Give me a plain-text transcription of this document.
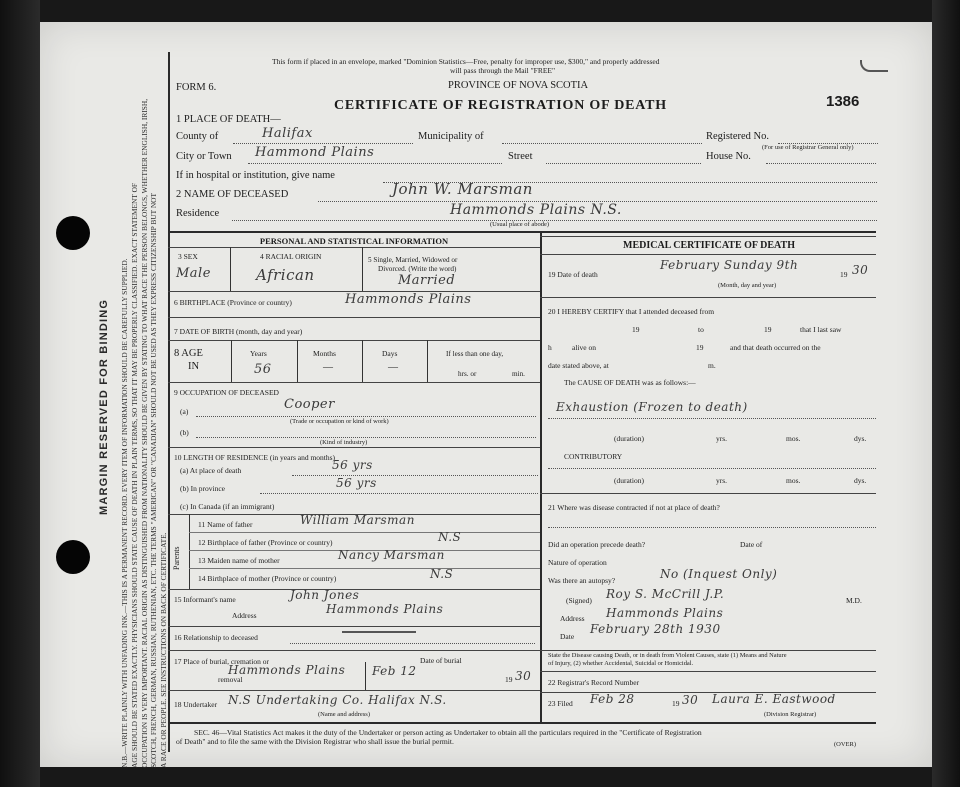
MARGIN RESERVED FOR BINDING N.B.—WRITE PLAINLY WITH UNFADING INK.—THIS IS A PERMANENT RECORD. EVERY ITEM OF INFORMATION SHOULD BE CAREFULLY SUPPLIED. AGE SHOULD BE STATED EXACTLY. PHYSICIANS SHOULD STATE CAUSE OF DEATH IN PLAIN TERMS, SO THAT IT MAY BE PROPERLY CLASSIFIED. EXACT STATEMENT OF OCCUPATION IS VERY IMPORTANT. RACIAL ORIGIN AS DISTINGUISHED FROM NATIONALITY SHOULD BE GIVEN BY STATING TO WHAT RACE THE PERSON BELONGS, WHETHER ENGLISH, IRISH, SCOTCH, FRENCH, GERMAN, RUSSIAN, RUTHENIAN, ETC. THE TERMS "AMERICAN" OR "CANADIAN" SHOULD NOT BE USED AS THEY EXPRESS CITIZENSHIP BUT NOT A RACE OR PEOPLE. SEE INSTRUCTIONS ON BACK OF CERTIFICATE.
This form if placed in an envelope, marked "Dominion Statistics—Free, penalty for improper use, $300," and properly addressed
will pass through the Mail "FREE"
PROVINCE OF NOVA SCOTIA
FORM 6.
CERTIFICATE OF REGISTRATION OF DEATH	1386
1 PLACE OF DEATH—
County of	Halifax	Municipality of	Registered No.
(For use of Registrar General only)
City or Town Hammond Plains	Street	House No.
If in hospital or institution, give name
2 NAME OF DECEASED	John W. Marsman
Residence	Hammonds Plains N.S.
(Usual place of abode)
PERSONAL AND STATISTICAL INFORMATION
3 SEX
Male
4 RACIAL ORIGIN
African
5 Single, Married, Widowed or
Divorced. (Write the word)
Married
6 BIRTHPLACE (Province or country)	Hammonds Plains
7 DATE OF BIRTH (month, day and year)
8 AGE
IN
Years
56
Months
—
Days
—
If less than one day,
hrs. or	min.
9 OCCUPATION OF DECEASED
(a)	Cooper
(Trade or occupation or kind of work)
(b)
(Kind of industry)
10 LENGTH OF RESIDENCE (in years and months)
(a) At place of death	56 yrs
(b) In province	56 yrs
(c) In Canada (if an immigrant)
Parents
11 Name of father	William Marsman
12 Birthplace of father (Province or country)	N.S
13 Maiden name of mother	Nancy Marsman
14 Birthplace of mother (Province or country)	N.S
15 Informant's name	John Jones
Address	Hammonds Plains
16 Relationship to deceased
17 Place of burial, cremation or
removal
Hammonds Plains
Date of burial
Feb 12
19 30
18 Undertaker N.S Undertaking Co. Halifax N.S.
(Name and address)
MEDICAL CERTIFICATE OF DEATH
19 Date of death
February Sunday 9th
19 30
(Month, day and year)
20 I HEREBY CERTIFY that I attended deceased from
19	to	19	that I last saw
h	alive on	19	and that death occurred on the
date stated above, at	m.
The CAUSE OF DEATH was as follows:—
Exhaustion (Frozen to death)
(duration)	yrs.	mos.	dys.
CONTRIBUTORY
(duration)	yrs.	mos.	dys.
21 Where was disease contracted if not at place of death?
Did an operation precede death?	Date of
Nature of operation
Was there an autopsy?	No (Inquest Only)
(Signed) Roy S. McCrill J.P.	M.D.
Address Hammonds Plains
Date
February 28th 1930
State the Disease causing Death, or in death from Violent Causes, state (1) Means and Nature
of Injury, (2) whether Accidental, Suicidal or Homicidal.
22 Registrar's Record Number
23 Filed Feb 28	19 30 Laura E. Eastwood
(Division Registrar)
SEC. 46—Vital Statistics Act makes it the duty of the Undertaker or person acting as Undertaker to obtain all the particulars required in the "Certificate of Registration
of Death" and to file the same with the Division Registrar who shall issue the burial permit.	(OVER)
